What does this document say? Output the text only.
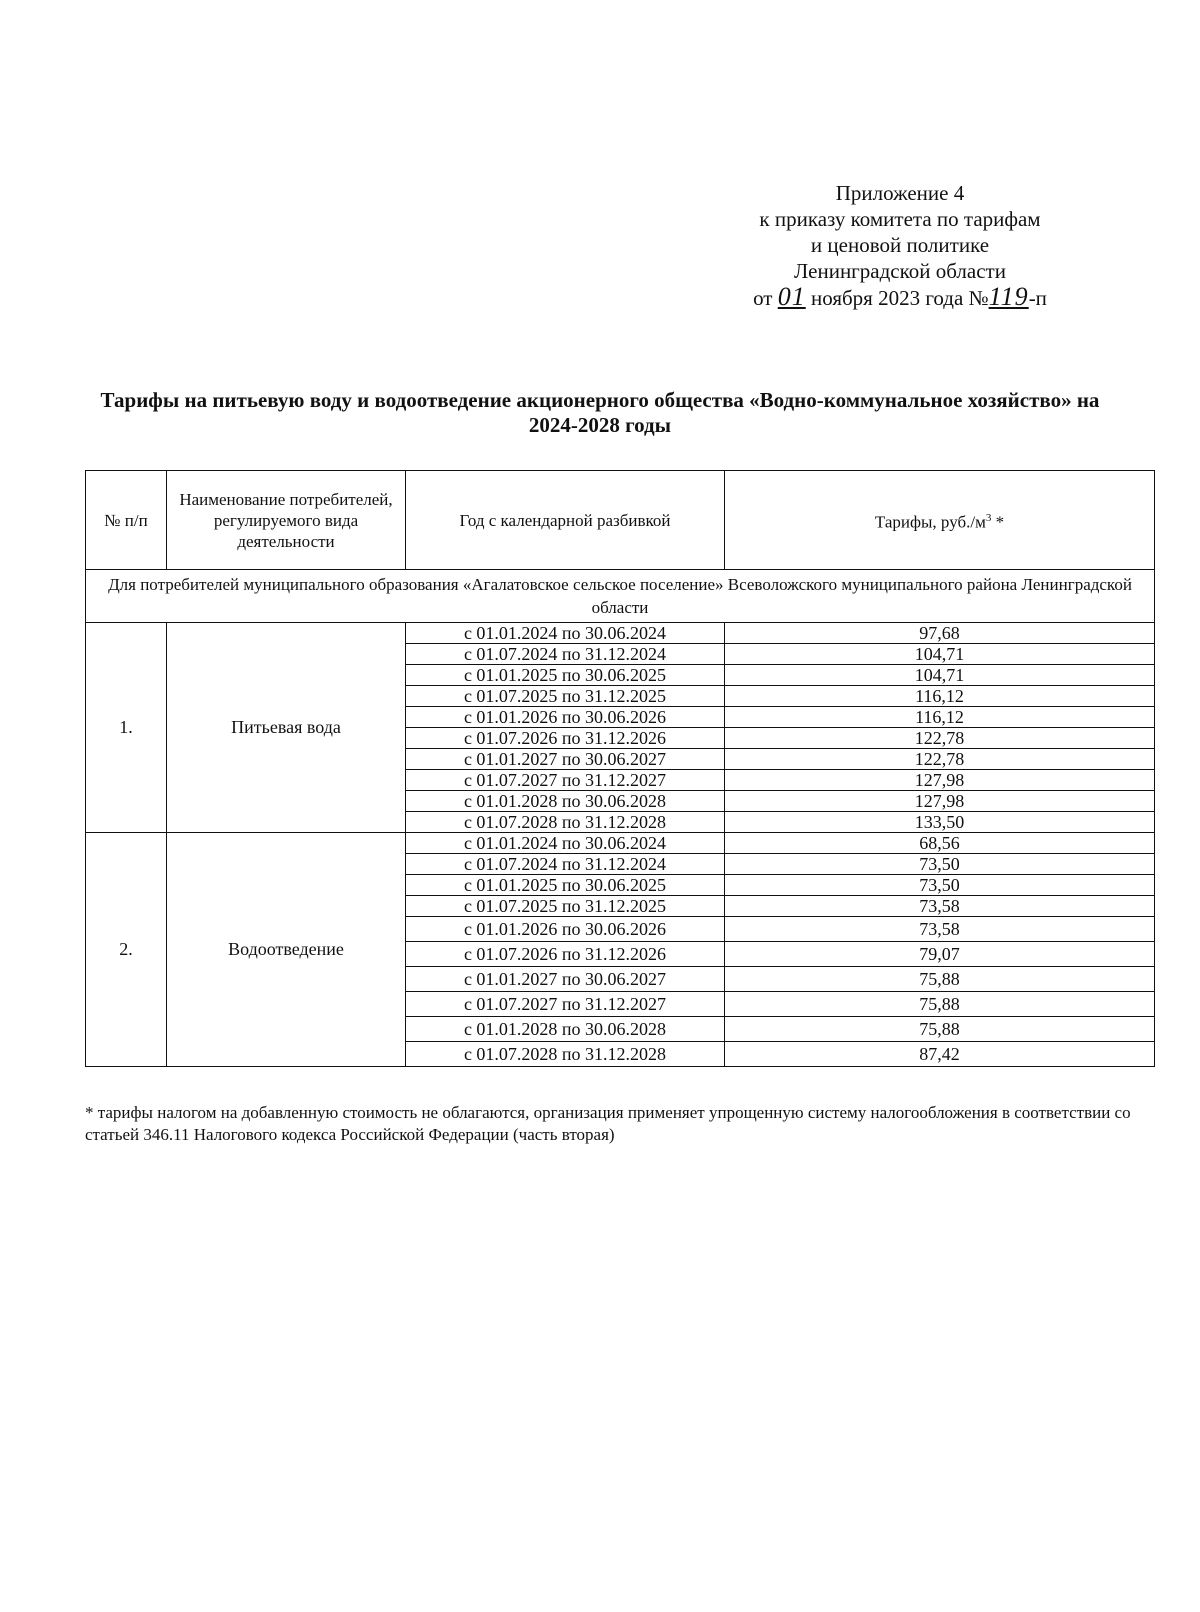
Приложение 4
к приказу комитета по тарифам
и ценовой политике
Ленинградской области
от 01 ноября 2023 года №119-п
Тарифы на питьевую воду и водоотведение акционерного общества «Водно-коммунальное хозяйство» на 2024-2028 годы
№ п/п	Наименование потребителей, регулируемого вида деятельности	Год с календарной разбивкой	Тарифы, $руб./м^3$ *
Для потребителей муниципального образования «Агалатовское сельское поселение» Всеволожского муниципального района Ленинградской области			
1.	Питьевая вода	с 01.01.2024 по 30.06.2024	97,68
		с 01.07.2024 по 31.12.2024	104,71
		с 01.01.2025 по 30.06.2025	104,71
		с 01.07.2025 по 31.12.2025	116,12
		с 01.01.2026 по 30.06.2026	116,12
		с 01.07.2026 по 31.12.2026	122,78
		с 01.01.2027 по 30.06.2027	122,78
		с 01.07.2027 по 31.12.2027	127,98
		с 01.01.2028 по 30.06.2028	127,98
		с 01.07.2028 по 31.12.2028	133,50
2.	Водоотведение	с 01.01.2024 по 30.06.2024	68,56
		с 01.07.2024 по 31.12.2024	73,50
		с 01.01.2025 по 30.06.2025	73,50
		с 01.07.2025 по 31.12.2025	73,58
		с 01.01.2026 по 30.06.2026	73,58
		с 01.07.2026 по 31.12.2026	79,07
		с 01.01.2027 по 30.06.2027	75,88
		с 01.07.2027 по 31.12.2027	75,88
		с 01.01.2028 по 30.06.2028	75,88
		с 01.07.2028 по 31.12.2028	87,42
* тарифы налогом на добавленную стоимость не облагаются, организация применяет упрощенную систему налогообложения в соответствии со статьей 346.11 Налогового кодекса Российской Федерации (часть вторая)
